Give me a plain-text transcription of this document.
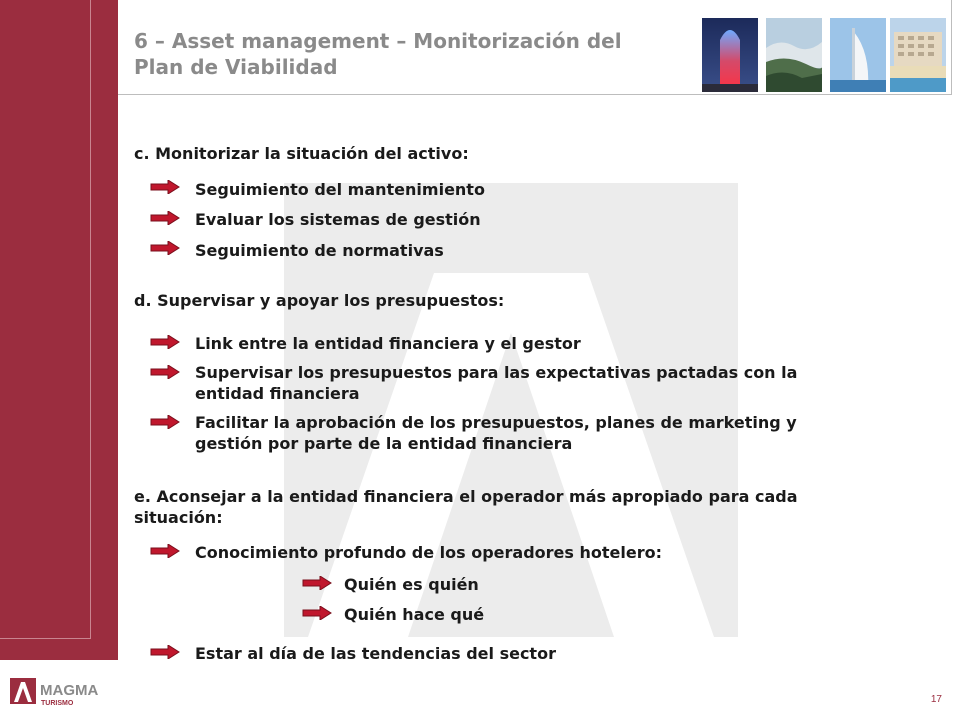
6 – Asset management – Monitorización del
Plan de Viabilidad
c. Monitorizar la situación del activo:
Seguimiento del mantenimiento
Evaluar los sistemas de gestión
Seguimiento de normativas
d. Supervisar y apoyar los presupuestos:
Link entre la entidad financiera y el gestor
Supervisar los presupuestos para las expectativas pactadas con la
entidad financiera
Facilitar la aprobación de los presupuestos, planes de marketing y
gestión por parte de la entidad financiera
e. Aconsejar a la entidad financiera el operador más apropiado para cada
situación:
Conocimiento profundo de los operadores hotelero:
Quién es quién
Quién hace qué
Estar al día de las tendencias del sector
MAGMA
TURISMO	17
